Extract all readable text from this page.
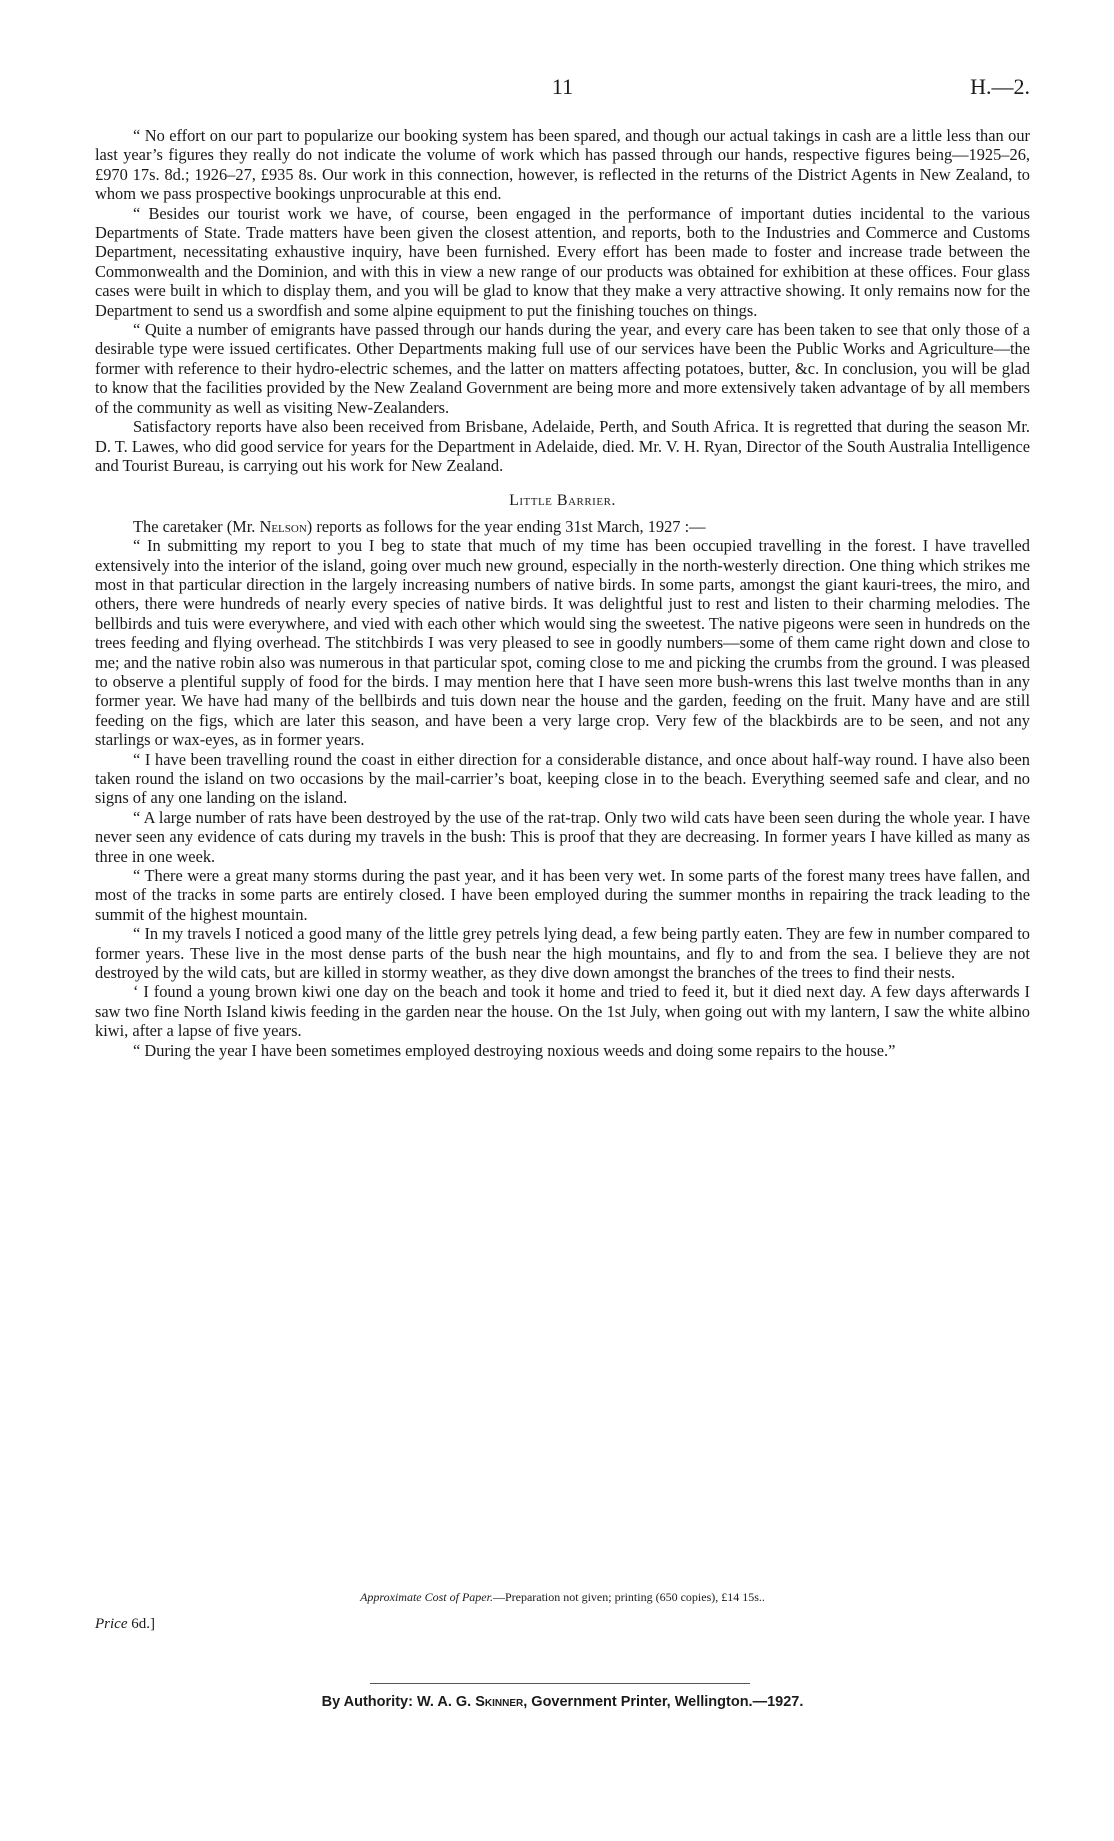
11	H.—2.

“ No effort on our part to popularize our booking system has been spared, and though our actual takings in cash are a little less than our last year’s figures they really do not indicate the volume of work which has passed through our hands, respective figures being—1925–26, £970 17s. 8d.; 1926–27, £935 8s. Our work in this connection, however, is reflected in the returns of the District Agents in New Zealand, to whom we pass prospective bookings unprocurable at this end.

“ Besides our tourist work we have, of course, been engaged in the performance of important duties incidental to the various Departments of State. Trade matters have been given the closest attention, and reports, both to the Industries and Commerce and Customs Department, necessitating exhaustive inquiry, have been furnished. Every effort has been made to foster and increase trade between the Commonwealth and the Dominion, and with this in view a new range of our products was obtained for exhibition at these offices. Four glass cases were built in which to display them, and you will be glad to know that they make a very attractive showing. It only remains now for the Department to send us a swordfish and some alpine equipment to put the finishing touches on things.

“ Quite a number of emigrants have passed through our hands during the year, and every care has been taken to see that only those of a desirable type were issued certificates. Other Departments making full use of our services have been the Public Works and Agriculture—the former with reference to their hydro-electric schemes, and the latter on matters affecting potatoes, butter, &c. In conclusion, you will be glad to know that the facilities provided by the New Zealand Government are being more and more extensively taken advantage of by all members of the community as well as visiting New-Zealanders.

Satisfactory reports have also been received from Brisbane, Adelaide, Perth, and South Africa. It is regretted that during the season Mr. D. T. Lawes, who did good service for years for the Department in Adelaide, died. Mr. V. H. Ryan, Director of the South Australia Intelligence and Tourist Bureau, is carrying out his work for New Zealand.

Little Barrier.

The caretaker (Mr. Nelson) reports as follows for the year ending 31st March, 1927 :—

“ In submitting my report to you I beg to state that much of my time has been occupied travelling in the forest. I have travelled extensively into the interior of the island, going over much new ground, especially in the north-westerly direction. One thing which strikes me most in that particular direction in the largely increasing numbers of native birds. In some parts, amongst the giant kauri-trees, the miro, and others, there were hundreds of nearly every species of native birds. It was delightful just to rest and listen to their charming melodies. The bellbirds and tuis were everywhere, and vied with each other which would sing the sweetest. The native pigeons were seen in hundreds on the trees feeding and flying overhead. The stitchbirds I was very pleased to see in goodly numbers—some of them came right down and close to me; and the native robin also was numerous in that particular spot, coming close to me and picking the crumbs from the ground. I was pleased to observe a plentiful supply of food for the birds. I may mention here that I have seen more bush-wrens this last twelve months than in any former year. We have had many of the bellbirds and tuis down near the house and the garden, feeding on the fruit. Many have and are still feeding on the figs, which are later this season, and have been a very large crop. Very few of the blackbirds are to be seen, and not any starlings or wax-eyes, as in former years.

“ I have been travelling round the coast in either direction for a considerable distance, and once about half-way round. I have also been taken round the island on two occasions by the mail-carrier’s boat, keeping close in to the beach. Everything seemed safe and clear, and no signs of any one landing on the island.

“ A large number of rats have been destroyed by the use of the rat-trap. Only two wild cats have been seen during the whole year. I have never seen any evidence of cats during my travels in the bush: This is proof that they are decreasing. In former years I have killed as many as three in one week.

“ There were a great many storms during the past year, and it has been very wet. In some parts of the forest many trees have fallen, and most of the tracks in some parts are entirely closed. I have been employed during the summer months in repairing the track leading to the summit of the highest mountain.

“ In my travels I noticed a good many of the little grey petrels lying dead, a few being partly eaten. They are few in number compared to former years. These live in the most dense parts of the bush near the high mountains, and fly to and from the sea. I believe they are not destroyed by the wild cats, but are killed in stormy weather, as they dive down amongst the branches of the trees to find their nests.

‘ I found a young brown kiwi one day on the beach and took it home and tried to feed it, but it died next day. A few days afterwards I saw two fine North Island kiwis feeding in the garden near the house. On the 1st July, when going out with my lantern, I saw the white albino kiwi, after a lapse of five years.

“ During the year I have been sometimes employed destroying noxious weeds and doing some repairs to the house.”

Approximate Cost of Paper.—Preparation not given; printing (650 copies), £14 15s..
Price 6d.]
By Authority: W. A. G. Skinner, Government Printer, Wellington.—1927.
